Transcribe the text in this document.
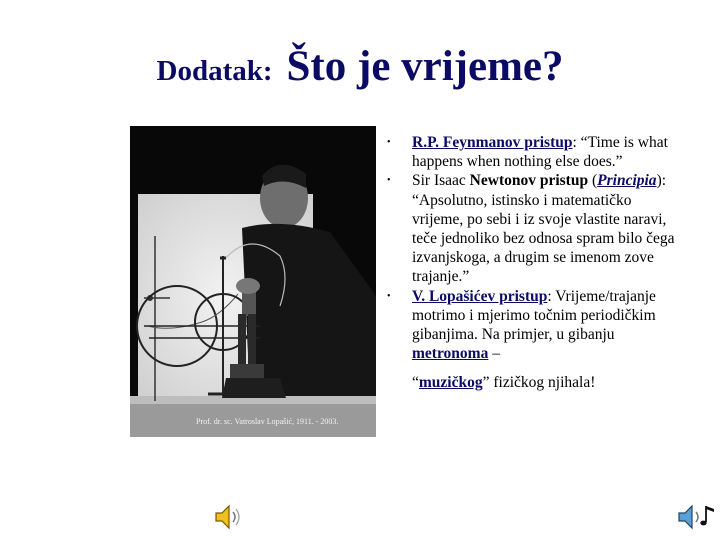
Dodatak: Što je vrijeme?
Prof. dr. sc. Vatroslav Lopašić, 1911. - 2003.
• R.P. Feynmanov pristup: “Time is what happens when nothing else does.”
• Sir Isaac Newtonov pristup (Principia): “Apsolutno, istinsko i matematičko vrijeme, po sebi i iz svoje vlastite naravi, teče jednoliko bez odnosa spram bilo čega izvanjskoga, a drugim se imenom zove trajanje.”
• V. Lopašićev pristup: Vrijeme/trajanje motrimo i mjerimo točnim periodičkim gibanjima. Na primjer, u gibanju metronoma –
“muzičkog” fizičkog njihala!
